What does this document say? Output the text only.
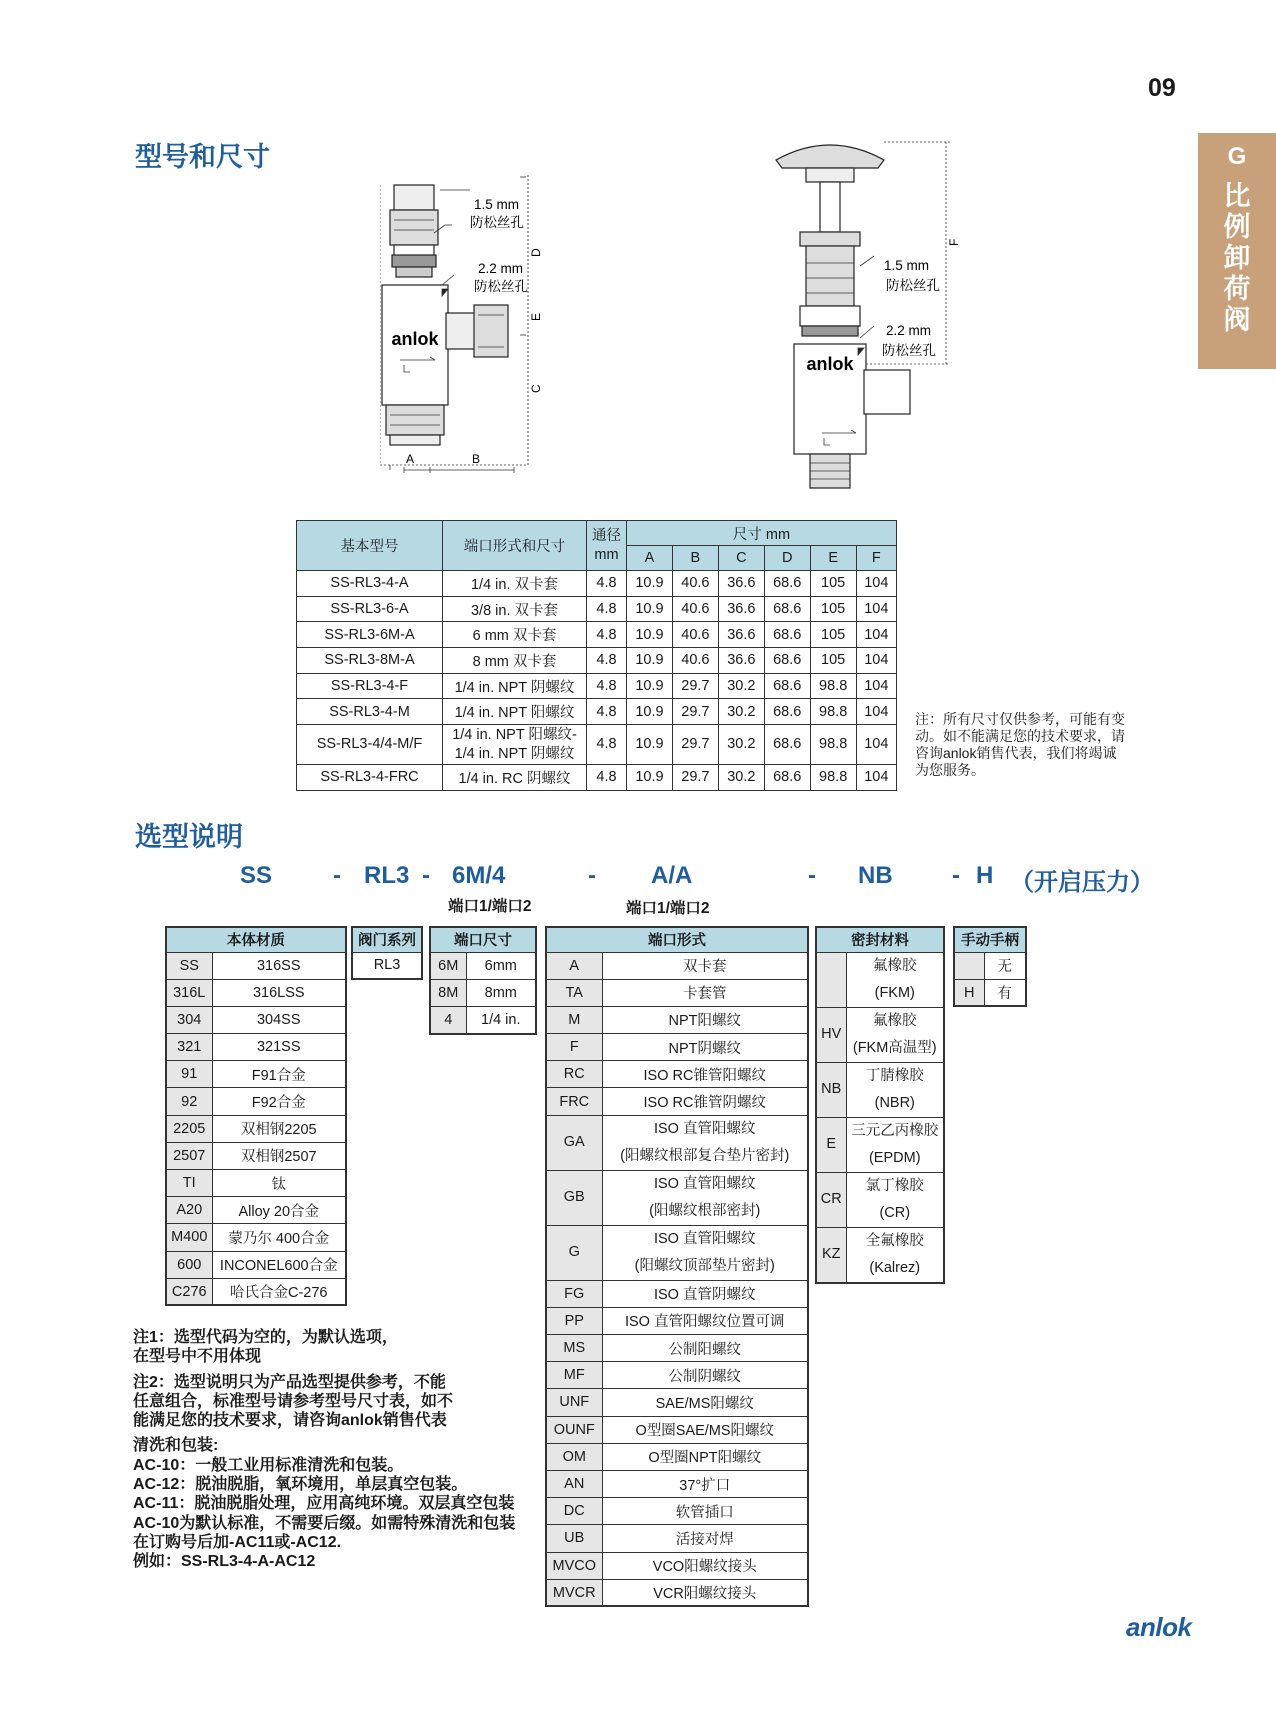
09
G
比
例
卸
荷
阀
型号和尺寸
anlok
1.5 mm
防松丝孔
2.2 mm
防松丝孔
A	B
C
D
E
anlok
1.5 mm
防松丝孔
2.2 mm
防松丝孔
F
基本型号	端口形式和尺寸	通径
mm	尺寸 mm					
			A	B	C	D	E	F
SS-RL3-4-A	1/4 in. 双卡套	4.8	10.9	40.6	36.6	68.6	105	104
SS-RL3-6-A	3/8 in. 双卡套	4.8	10.9	40.6	36.6	68.6	105	104
SS-RL3-6M-A	6 mm 双卡套	4.8	10.9	40.6	36.6	68.6	105	104
SS-RL3-8M-A	8 mm 双卡套	4.8	10.9	40.6	36.6	68.6	105	104
SS-RL3-4-F	1/4 in. NPT 阴螺纹	4.8	10.9	29.7	30.2	68.6	98.8	104
SS-RL3-4-M	1/4 in. NPT 阳螺纹	4.8	10.9	29.7	30.2	68.6	98.8	104
SS-RL3-4/4-M/F	1/4 in. NPT 阳螺纹-
1/4 in. NPT 阴螺纹	4.8	10.9	29.7	30.2	68.6	98.8	104
SS-RL3-4-FRC	1/4 in. RC 阴螺纹	4.8	10.9	29.7	30.2	68.6	98.8	104
注：所有尺寸仅供参考，可能有变动。如不能满足您的技术要求，请咨询anlok销售代表，我们将竭诚为您服务。
选型说明
SS	- RL3 - 6M/4	- A/A	- NB - H （开启压力）
端口1/端口2	端口1/端口2
本体材质	
SS	316SS
316L	316LSS
304	304SS
321	321SS
91	F91合金
92	F92合金
2205	双相钢2205
2507	双相钢2507
TI	钛
A20	Alloy 20合金
M400	蒙乃尔 400合金
600	INCONEL600合金
C276	哈氏合金C-276
阀门系列
RL3
端口尺寸	
6M	6mm
8M	8mm
4	1/4 in.
端口形式	
A	双卡套
TA	卡套管
M	NPT阳螺纹
F	NPT阴螺纹
RC	ISO RC锥管阳螺纹
FRC	ISO RC锥管阴螺纹
GA	ISO 直管阳螺纹
(阳螺纹根部复合垫片密封)
GB	ISO 直管阳螺纹
(阳螺纹根部密封)
G	ISO 直管阳螺纹
(阳螺纹顶部垫片密封)
FG	ISO 直管阴螺纹
PP	ISO 直管阳螺纹位置可调
MS	公制阳螺纹
MF	公制阴螺纹
UNF	SAE/MS阳螺纹
OUNF	O型圈SAE/MS阳螺纹
OM	O型圈NPT阳螺纹
AN	37°扩口
DC	软管插口
UB	活接对焊
MVCO	VCO阳螺纹接头
MVCR	VCR阳螺纹接头
密封材料	
	氟橡胶
(FKM)
HV	氟橡胶
(FKM高温型)
NB	丁腈橡胶
(NBR)
E	三元乙丙橡胶
(EPDM)
CR	氯丁橡胶
(CR)
KZ	全氟橡胶
(Kalrez)
手动手柄	
	无
H	有

注1：选型代码为空的，为默认选项，
在型号中不用体现

注2：选型说明只为产品选型提供参考，不能
任意组合，标准型号请参考型号尺寸表，如不
能满足您的技术要求，请咨询anlok销售代表

清洗和包装:
AC-10：一般工业用标准清洗和包装。
AC-12：脱油脱脂，氧环境用，单层真空包装。
AC-11：脱油脱脂处理，应用高纯环境。双层真空包装
AC-10为默认标准，不需要后缀。如需特殊清洗和包装
在订购号后加-AC11或-AC12.
例如：SS-RL3-4-A-AC12

anlok
